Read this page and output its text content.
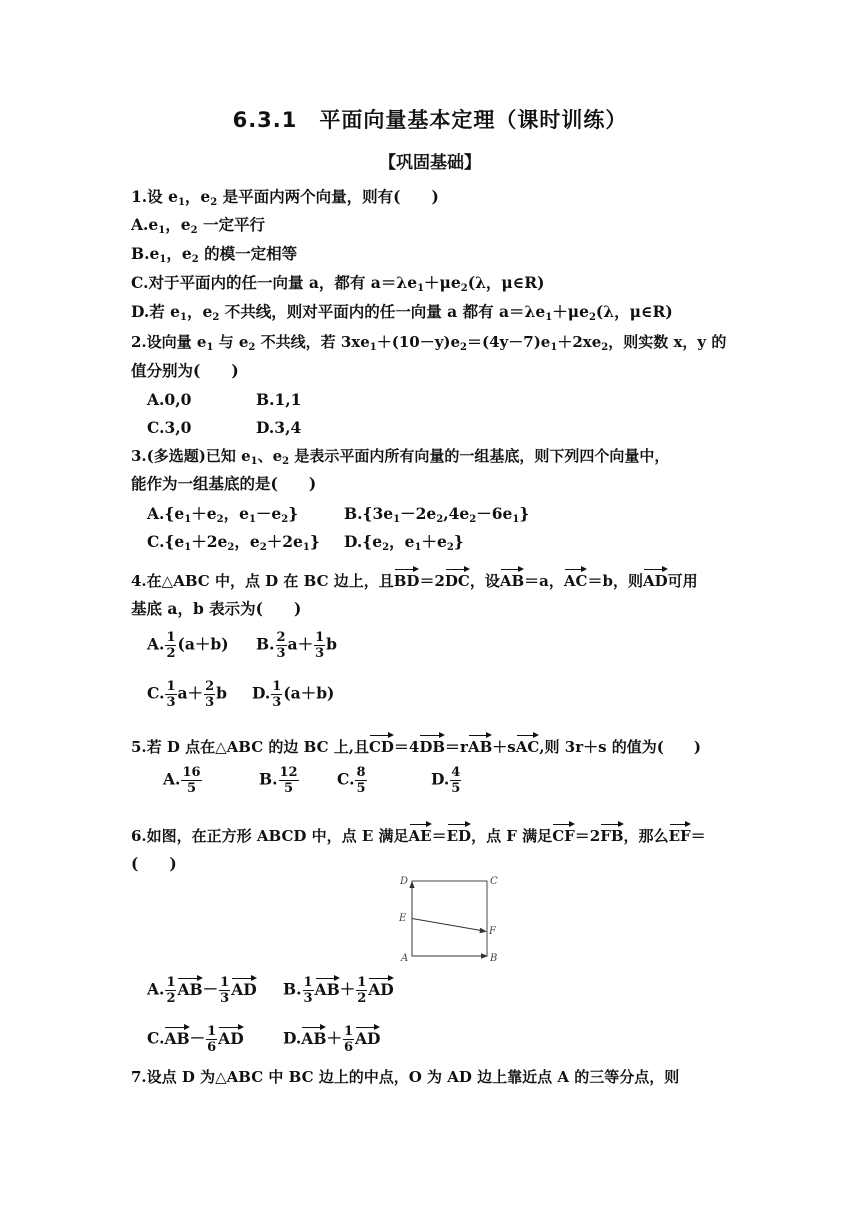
6.3.1　平面向量基本定理（课时训练）
【巩固基础】
1.设 $e_1$，$e_2$ 是平面内两个向量，则有(　　)
$A.e_1$，$e_2$ 一定平行
$B.e_1$，$e_2$ 的模一定相等
C.对于平面内的任一向量 a，都有 $a=\lambda e_1+\mu e_2(\lambda$，μ∈R)
D.若 $e_1$，$e_2$ 不共线，则对平面内的任一向量 a 都有 $a=\lambda e_1+\mu e_2(\lambda$，μ∈R)
2.设向量 $e_1$ 与 $e_2$ 不共线，若 $3xe_1+(10-y)e_2=(4y-7)e_1+2xe_2$，则实数 x，y 的
值分别为(　　)
A.0,0	B.1,1
C.3,0	D.3,4
3.(多选题)已知 $e_1$、$e_2$ 是表示平面内所有向量的一组基底，则下列四个向量中，
能作为一组基底的是(　　)
$A.\{e_1+e_2$，$e_1-e_2$}	$B.\{3e_1-2e_2,4e_2-6e_1\}$
$C.\{e_1+2e_2$，$e_2+2e_1$} $D.\{e_2$，$e_1+e_2$}
4.在△ABC 中，点 D 在 BC 边上，且BD＝2DC，设AB＝a，AC＝b，则AD可用
基底 a，b 表示为(　　)
A. $\frac{1}{2} (a+b)$ B. $\frac{2}{3} a+ \frac{1}{3}$ b
C. $\frac{1}{3} a+ \frac{2}{3}$ b D. $\frac{1}{3} (a+b)$
5.若 D 点在△ABC 的边 BC 上,且CD＝4DB＝rAB＋sAC,则 3r＋s 的值为(　　)
A. $\frac{16}{5}$	B. $\frac{12}{5} C$. $\frac{8}{5}$	D. $\frac{4}{5}$
6.如图，在正方形 ABCD 中，点 E 满足AE＝ED，点 F 满足CF＝2FB，那么EF＝
(　　)
D	C
E
F
A	B
A. $\frac{1}{2} AB- \frac{1}{3}$ AD B. $\frac{1}{3} AB+ \frac{1}{2}$ AD
$C.AB- \frac{1}{6}$ AD	$D.AB+ \frac{1}{6}$ AD
7.设点 D 为△ABC 中 BC 边上的中点，O 为 AD 边上靠近点 A 的三等分点，则
